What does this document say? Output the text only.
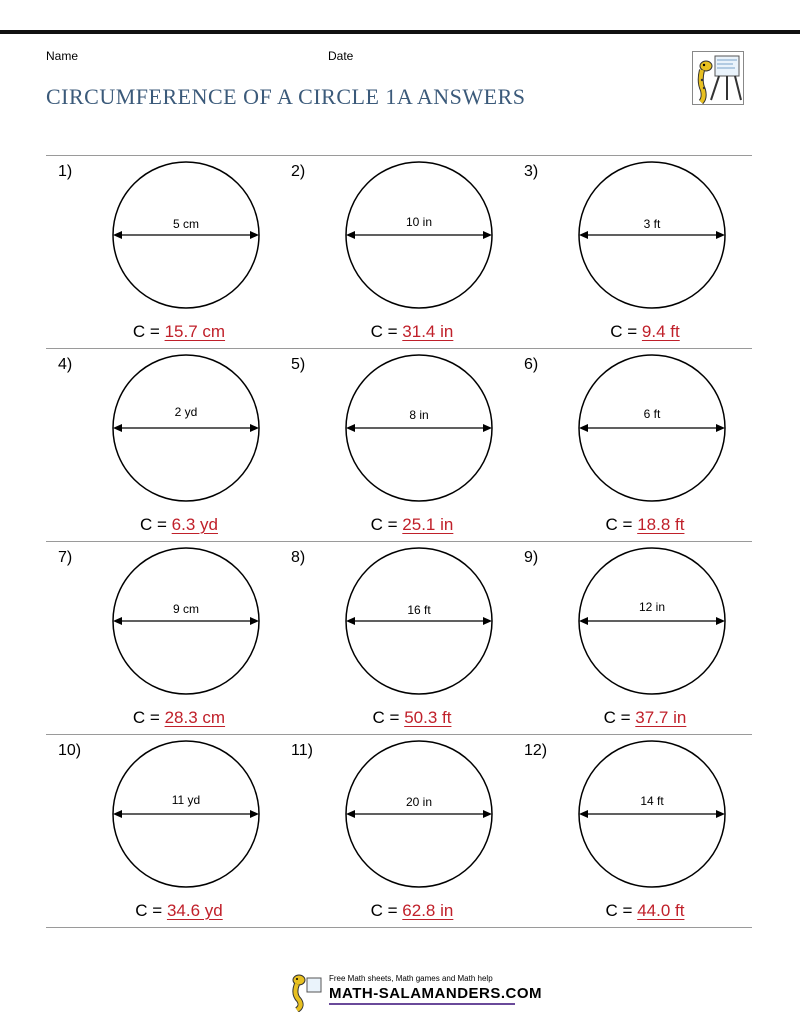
Name	Date
CIRCUMFERENCE OF A CIRCLE 1A ANSWERS
1)
5 cm
C = 15.7 cm
2)
10 in
C = 31.4 in
3)
3 ft
C = 9.4 ft
4)
2 yd
C = 6.3 yd
5)
8 in
C = 25.1 in
6)
6 ft
C = 18.8 ft
7)
9 cm
C = 28.3 cm
8)
16 ft
C = 50.3 ft
9)
12 in
C = 37.7 in
10)
11 yd
C = 34.6 yd
11)
20 in
C = 62.8 in
12)
14 ft
C = 44.0 ft
Free Math sheets, Math games and Math help
MATH-SALAMANDERS.COM
